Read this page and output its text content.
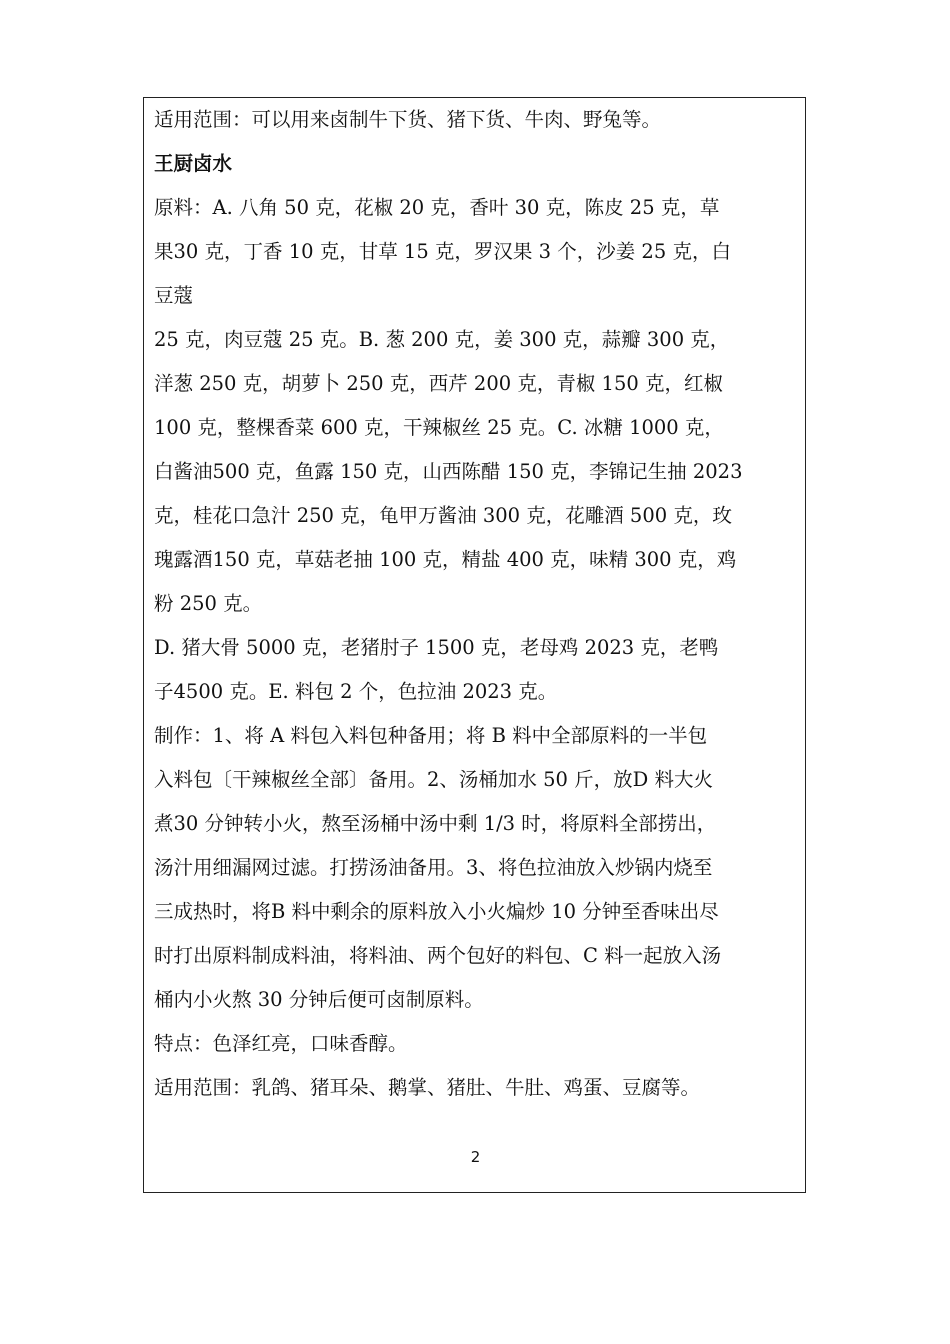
适用范围：可以用来卤制牛下货、猪下货、牛肉、野兔等。
王厨卤水
原料：A. 八角 50 克，花椒 20 克，香叶 30 克，陈皮 25 克，草
果30 克，丁香 10 克，甘草 15 克，罗汉果 3 个，沙姜 25 克，白
豆蔻
25 克，肉豆蔻 25 克。B. 葱 200 克，姜 300 克，蒜瓣 300 克，
洋葱 250 克，胡萝卜 250 克，西芹 200 克，青椒 150 克，红椒
100 克，整棵香菜 600 克，干辣椒丝 25 克。C. 冰糖 1000 克，
白酱油500 克，鱼露 150 克，山西陈醋 150 克，李锦记生抽 2023
克，桂花口急汁 250 克，龟甲万酱油 300 克，花雕酒 500 克，玫
瑰露酒150 克，草菇老抽 100 克，精盐 400 克，味精 300 克，鸡
粉 250 克。
D. 猪大骨 5000 克，老猪肘子 1500 克，老母鸡 2023 克，老鸭
子4500 克。E. 料包 2 个，色拉油 2023 克。
制作：1、将 A 料包入料包种备用；将 B 料中全部原料的一半包
入料包〔干辣椒丝全部〕备用。2、汤桶加水 50 斤，放D 料大火
煮30 分钟转小火，熬至汤桶中汤中剩 1/3 时，将原料全部捞出，
汤汁用细漏网过滤。打捞汤油备用。3、将色拉油放入炒锅内烧至
三成热时，将B 料中剩余的原料放入小火煸炒 10 分钟至香味出尽
时打出原料制成料油，将料油、两个包好的料包、C 料一起放入汤
桶内小火熬 30 分钟后便可卤制原料。
特点：色泽红亮，口味香醇。
适用范围：乳鸽、猪耳朵、鹅掌、猪肚、牛肚、鸡蛋、豆腐等。
2
